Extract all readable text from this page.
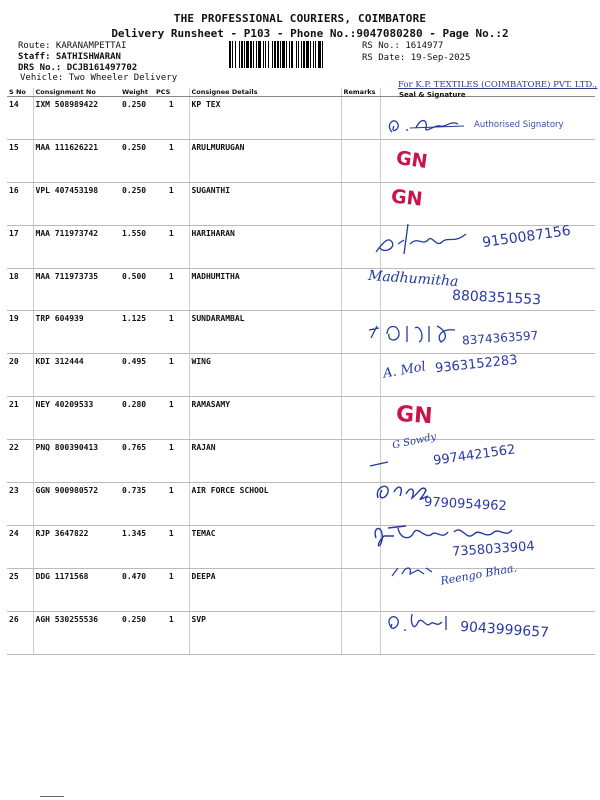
THE PROFESSIONAL COURIERS, COIMBATORE
Delivery Runsheet - P103 - Phone No.:9047080280 - Page No.:2
Route: KARANAMPETTAI
Staff: SATHISHWARAN
DRS No.: DCJB161497702
Vehicle: Two Wheeler Delivery
RS No.: 1614977
RS Date: 19-Sep-2025
For K.P. TEXTILES (COIMBATORE) PVT. LTD.,
S No	Consignment No	Weight	PCS	Consignee Details	Remarks	
14	IXM 508989422	0.250	1	KP TEX		
15	MAA 111626221	0.250	1	ARULMURUGAN		
16	VPL 407453198	0.250	1	SUGANTHI		
17	MAA 711973742	1.550	1	HARIHARAN		
18	MAA 711973735	0.500	1	MADHUMITHA		
19	TRP 604939	1.125	1	SUNDARAMBAL		
20	KDI 312444	0.495	1	WING		
21	NEY 40209533	0.280	1	RAMASAMY		
22	PNQ 800390413	0.765	1	RAJAN		
23	GGN 900980572	0.735	1	AIR FORCE SCHOOL		
24	RJP 3647822	1.345	1	TEMAC		
25	DDG 1171568	0.470	1	DEEPA		
26	AGH 530255536	0.250	1	SVP		
Seal & Signature
Authorised Signatory
GN
GN
9150087156
Madhumitha
8808351553
8374363597
A. Mol 9363152283
GN
G Sowdy
9974421562
9790954962
7358033904
Reengo Bhaa.
9043999657
